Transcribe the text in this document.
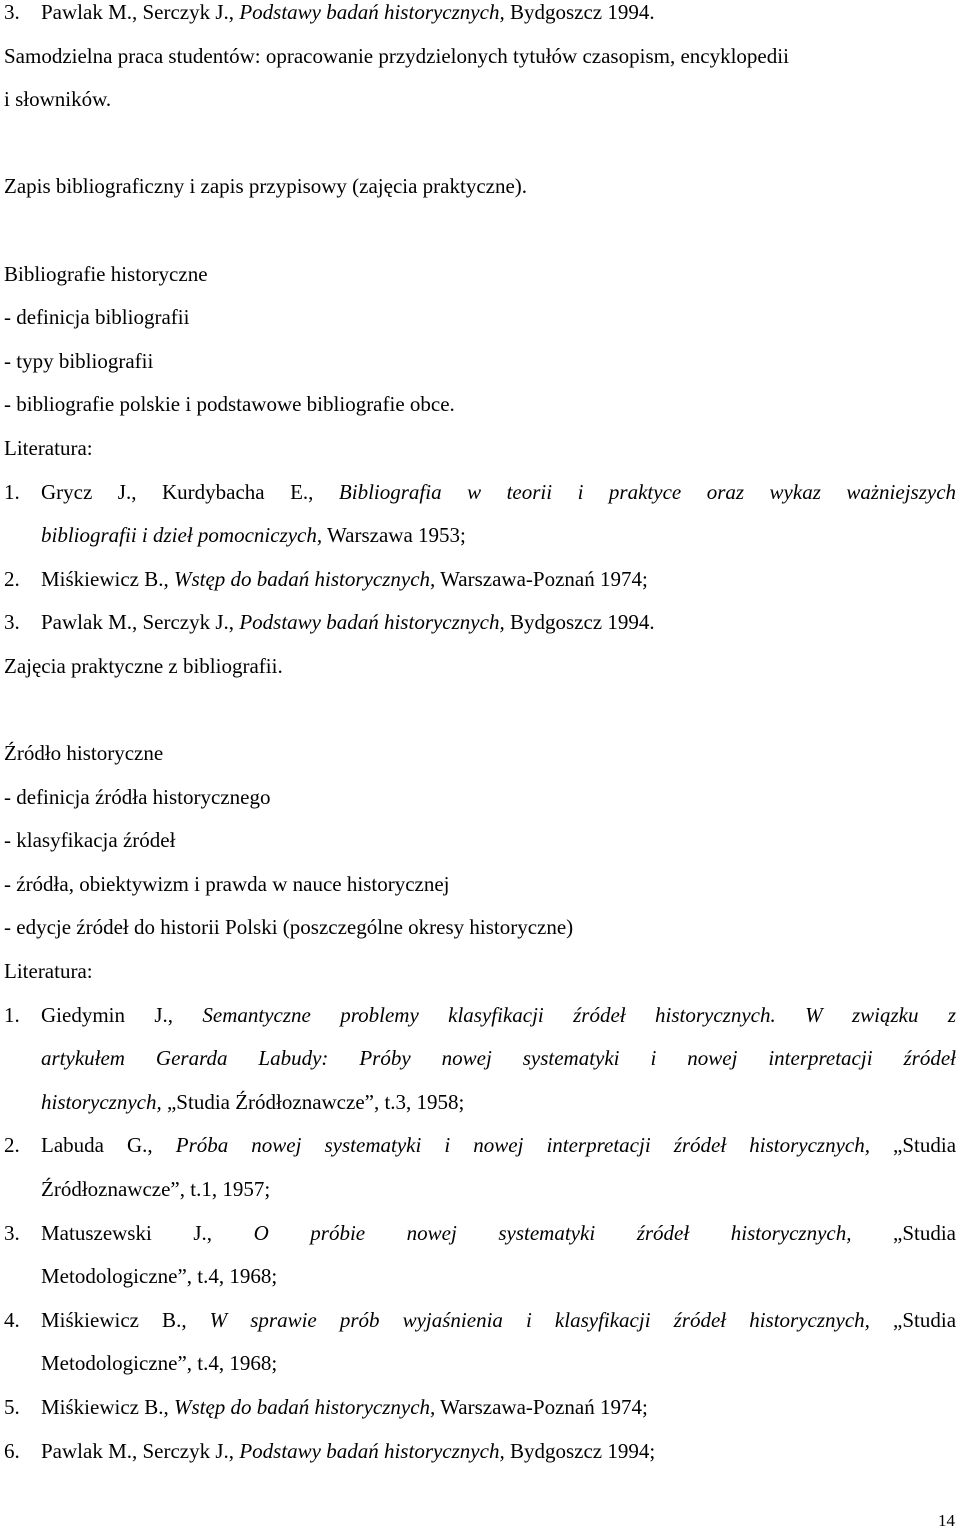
3.	Pawlak M., Serczyk J., Podstawy badań historycznych, Bydgoszcz 1994.
Samodzielna praca studentów: opracowanie przydzielonych tytułów czasopism, encyklopedii
i słowników.
Zapis bibliograficzny i zapis przypisowy (zajęcia praktyczne).
Bibliografie historyczne
- definicja bibliografii
- typy bibliografii
- bibliografie polskie i podstawowe bibliografie obce.
Literatura:
1.	Grycz J., Kurdybacha E., Bibliografia w teorii i praktyce oraz wykaz ważniejszych
bibliografii i dzieł pomocniczych, Warszawa 1953;
2.	Miśkiewicz B., Wstęp do badań historycznych, Warszawa-Poznań 1974;
3.	Pawlak M., Serczyk J., Podstawy badań historycznych, Bydgoszcz 1994.
Zajęcia praktyczne z bibliografii.
Źródło historyczne
- definicja źródła historycznego
- klasyfikacja źródeł
- źródła, obiektywizm i prawda w nauce historycznej
- edycje źródeł do historii Polski (poszczególne okresy historyczne)
Literatura:
1.	Giedymin J., Semantyczne problemy klasyfikacji źródeł historycznych. W związku z
artykułem Gerarda Labudy: Próby nowej systematyki i nowej interpretacji źródeł
historycznych, „Studia Źródłoznawcze”, t.3, 1958;
2.	Labuda G., Próba nowej systematyki i nowej interpretacji źródeł historycznych, „Studia
Źródłoznawcze”, t.1, 1957;
3.	Matuszewski J., O próbie nowej systematyki źródeł historycznych, „Studia
Metodologiczne”, t.4, 1968;
4.	Miśkiewicz B., W sprawie prób wyjaśnienia i klasyfikacji źródeł historycznych, „Studia
Metodologiczne”, t.4, 1968;
5.	Miśkiewicz B., Wstęp do badań historycznych, Warszawa-Poznań 1974;
6.	Pawlak M., Serczyk J., Podstawy badań historycznych, Bydgoszcz 1994;
14
